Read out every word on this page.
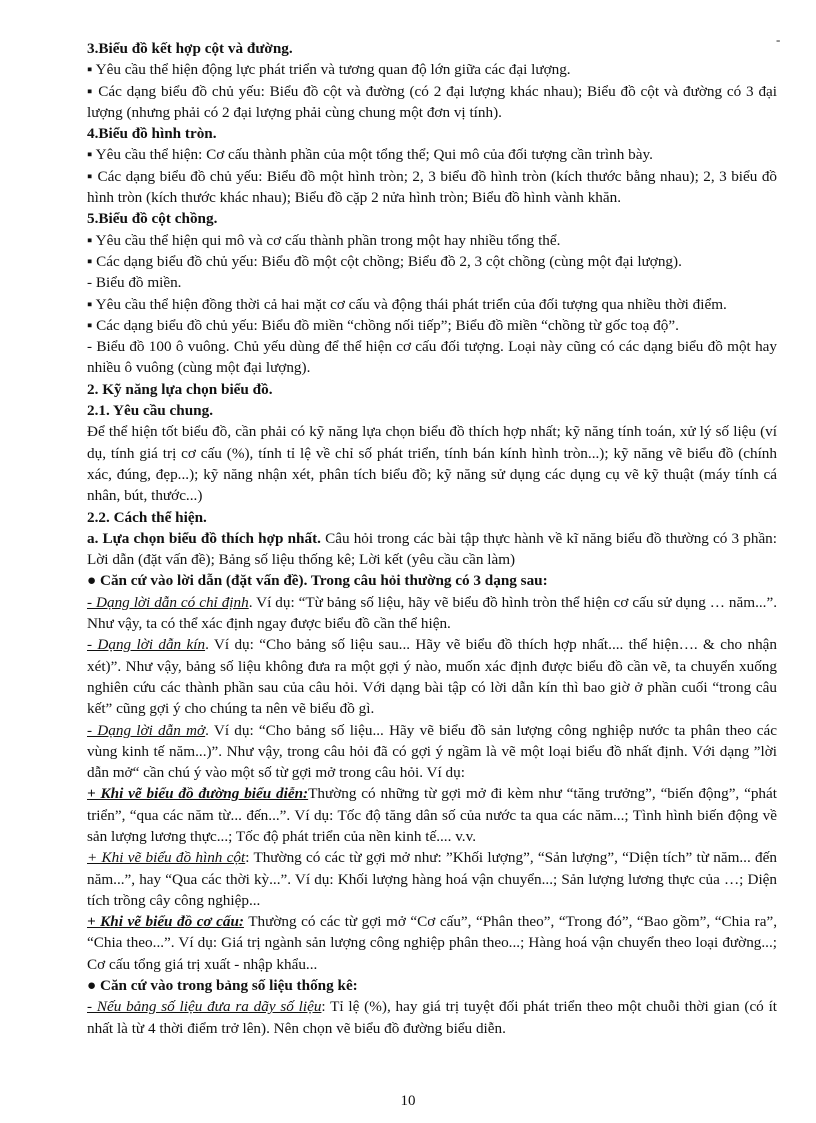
-

3.Biểu đồ kết hợp cột và đường.

▪ Yêu cầu thể hiện động lực phát triển và tương quan độ lớn giữa các đại lượng.

▪ Các dạng biểu đồ chủ yếu: Biểu đồ cột và đường (có 2 đại lượng khác nhau); Biểu đồ cột và đường có 3 đại lượng (nhưng phải có 2 đại lượng phải cùng chung một đơn vị tính).

4.Biểu đồ hình tròn.

▪ Yêu cầu thể hiện: Cơ cấu thành phần của một tổng thể; Qui mô của đối tượng cần trình bày.

▪ Các dạng biểu đồ chủ yếu: Biểu đồ một hình tròn; 2, 3 biểu đồ hình tròn (kích thước bằng nhau); 2, 3 biểu đồ hình tròn (kích thước khác nhau); Biểu đồ cặp 2 nửa hình tròn; Biểu đồ hình vành khăn.

5.Biểu đồ cột chồng.

▪ Yêu cầu thể hiện qui mô và cơ cấu thành phần trong một hay nhiều tổng thể.

▪ Các dạng biểu đồ chủ yếu: Biểu đồ một cột chồng; Biểu đồ 2, 3 cột chồng (cùng một đại lượng).

- Biểu đồ miền.

▪ Yêu cầu thể hiện đồng thời cả hai mặt cơ cấu và động thái phát triển của đối tượng qua nhiều thời điểm.

▪ Các dạng biểu đồ chủ yếu: Biểu đồ miền “chồng nối tiếp”; Biểu đồ miền “chồng từ gốc toạ độ”.

- Biểu đồ 100 ô vuông. Chủ yếu dùng để thể hiện cơ cấu đối tượng. Loại này cũng có các dạng biểu đồ một hay nhiều ô vuông (cùng một đại lượng).

2. Kỹ năng lựa chọn biểu đồ.

2.1. Yêu cầu chung.

Để thể hiện tốt biểu đồ, cần phải có kỹ năng lựa chọn biểu đồ thích hợp nhất; kỹ năng tính toán, xử lý số liệu (ví dụ, tính giá trị cơ cấu (%), tính tỉ lệ về chỉ số phát triển, tính bán kính hình tròn...); kỹ năng vẽ biểu đồ (chính xác, đúng, đẹp...); kỹ năng nhận xét, phân tích biểu đồ; kỹ năng sử dụng các dụng cụ vẽ kỹ thuật (máy tính cá nhân, bút, thước...)

2.2. Cách thể hiện.

a. Lựa chọn biểu đồ thích hợp nhất. Câu hỏi trong các bài tập thực hành về kĩ năng biểu đồ thường có 3 phần: Lời dẫn (đặt vấn đề); Bảng số liệu thống kê; Lời kết (yêu cầu cần làm)

● Căn cứ vào lời dẫn (đặt vấn đề). Trong câu hỏi thường có 3 dạng sau:

- Dạng lời dẫn có chỉ định. Ví dụ: “Từ bảng số liệu, hãy vẽ biểu đồ hình tròn thể hiện cơ cấu sử dụng … năm...”. Như vậy, ta có thể xác định ngay được biểu đồ cần thể hiện.

- Dạng lời dẫn kín. Ví dụ: “Cho bảng số liệu sau... Hãy vẽ biểu đồ thích hợp nhất.... thể hiện…. & cho nhận xét)”. Như vậy, bảng số liệu không đưa ra một gợi ý nào, muốn xác định được biểu đồ cần vẽ, ta chuyển xuống nghiên cứu các thành phần sau của câu hỏi. Với dạng bài tập có lời dẫn kín thì bao giờ ở phần cuối “trong câu kết” cũng gợi ý cho chúng ta nên vẽ biểu đồ gì.

- Dạng lời dẫn mở. Ví dụ: “Cho bảng số liệu... Hãy vẽ biểu đồ sản lượng công nghiệp nước ta phân theo các vùng kinh tế năm...)”. Như vậy, trong câu hỏi đã có gợi ý ngầm là vẽ một loại biểu đồ nhất định. Với dạng ”lời dẫn mở“ cần chú ý vào một số từ gợi mở trong câu hỏi. Ví dụ:

+ Khi vẽ biểu đồ đường biểu diễn:Thường có những từ gợi mở đi kèm như “tăng trưởng”, “biến động”, “phát triển”, “qua các năm từ... đến...”. Ví dụ: Tốc độ tăng dân số của nước ta qua các năm...; Tình hình biến động về sản lượng lương thực...; Tốc độ phát triển của nền kinh tế.... v.v.

+ Khi vẽ biểu đồ hình cột: Thường có các từ gợi mở như: ”Khối lượng”, “Sản lượng”, “Diện tích” từ năm... đến năm...”, hay “Qua các thời kỳ...”. Ví dụ: Khối lượng hàng hoá vận chuyển...; Sản lượng lương thực của …; Diện tích trồng cây công nghiệp...

+ Khi vẽ biểu đồ cơ cấu: Thường có các từ gợi mở “Cơ cấu”, “Phân theo”, “Trong đó”, “Bao gồm”, “Chia ra”, “Chia theo...”. Ví dụ: Giá trị ngành sản lượng công nghiệp phân theo...; Hàng hoá vận chuyển theo loại đường...; Cơ cấu tổng giá trị xuất - nhập khẩu...

● Căn cứ vào trong bảng số liệu thống kê:

- Nếu bảng số liệu đưa ra dãy số liệu: Tỉ lệ (%), hay giá trị tuyệt đối phát triển theo một chuỗi thời gian (có ít nhất là từ 4 thời điểm trở lên). Nên chọn vẽ biểu đồ đường biểu diễn.

10
